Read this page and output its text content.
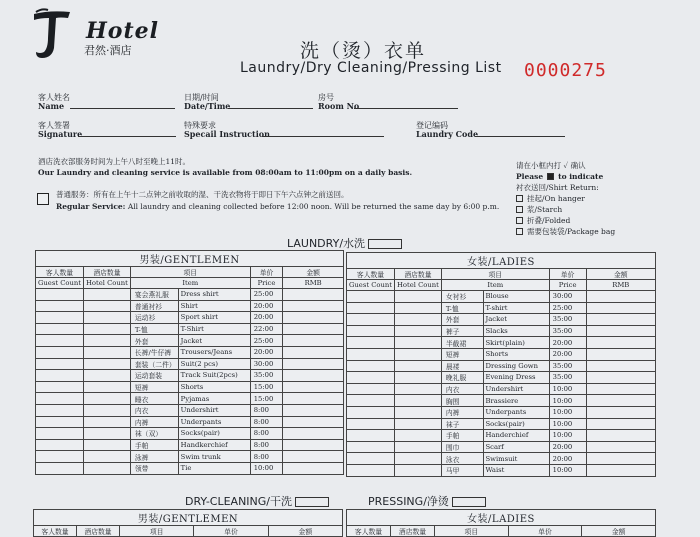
Hotel
君然·酒店	洗（烫）衣单
Laundry/Dry Cleaning/Pressing List 0000275
客人姓名
Name
日期/时间
Date/Time
房号
Room No
客人签署
Signature
特殊要求
Specail Instruction
登记编码
Laundry Code
酒店洗衣部服务时间为上午八时至晚上11时。
Our Laundry and cleaning service is available from 08:00am to 11:00pm on a daily basis.
普通服务：所有在上午十二点钟之前收取的湿、干洗衣物将于即日下午六点钟之前送回。
Regular Service: All laundry and cleaning collected before 12:00 noon. Will be returned the same day by 6:00 p.m.
请在小框内打 ✓ 确认
Please to indicate
衬衣送回/Shirt Return:
挂起/On hanger
浆/Starch
折叠/Folded
需要包装袋/Package bag
LAUNDRY/水洗
男装/GENTLEMEN					
客人数量	酒店数量	项目		单价	金额
Guest Count	Hotel Count	Item		Price	RMB
		宴会燕礼服	Dress shirt	25:00	
		普通衬衫	Shirt	20:00	
		运动衫	Sport shirt	20:00	
		T-恤	T-Shirt	22:00	
		外套	Jacket	25:00	
		长裤/牛仔裤	Trousers/Jeans	20:00	
		套装（二件）	Suit(2 pcs)	30:00	
		运动套装	Track Suit(2pcs)	35:00	
		短裤	Shorts	15:00	
		睡衣	Pyjamas	15:00	
		内衣	Undershirt	8:00	
		内裤	Underpants	8:00	
		袜（双）	Socks(pair)	8:00	
		手帕	Handkerchief	8:00	
		泳裤	Swim trunk	8:00	
		领带	Tie	10:00	
女装/LADIES					
客人数量	酒店数量	项目		单价	金额
Guest Count	Hotel Count	Item		Price	RMB
		女衬衫	Blouse	30:00	
		T-恤	T-shirt	25:00	
		外套	Jacket	35:00	
		裤子	Slacks	35:00	
		半截裙	Skirt(plain)	20:00	
		短裤	Shorts	20:00	
		晨褛	Dressing Gown	35:00	
		晚礼服	Evening Dress	35:00	
		内衣	Undershirt	10:00	
		胸围	Brassiere	10:00	
		内裤	Underpants	10:00	
		袜子	Socks(pair)	10:00	
		手帕	Handerchief	10:00	
		围巾	Scarf	20:00	
		泳衣	Swimsuit	20:00	
		马甲	Waist	10:00	
DRY-CLEANING/干洗	PRESSING/净烫
男装/GENTLEMEN
客人数量	酒店数量	项目	单价	金额
女装/LADIES
客人数量	酒店数量	项目	单价	金额
